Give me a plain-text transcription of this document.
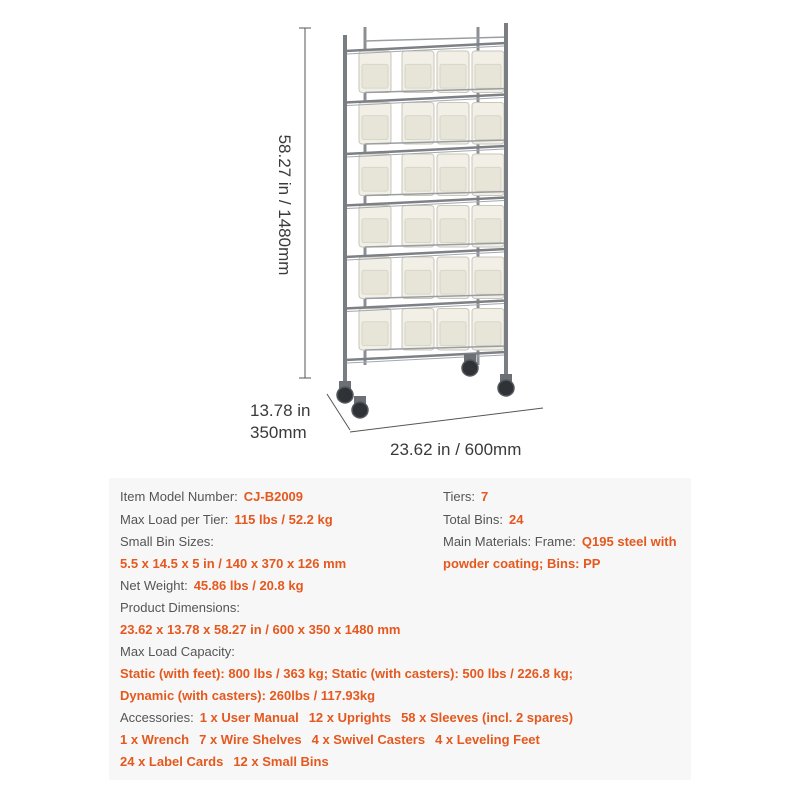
58.27 in / 1480mm
13.78 in
350mm
23.62 in / 600mm
Item Model Number: CJ-B2009
Max Load per Tier: 115 lbs / 52.2 kg
Small Bin Sizes:
5.5 x 14.5 x 5 in / 140 x 370 x 126 mm
Net Weight: 45.86 lbs / 20.8 kg
Product Dimensions:
23.62 x 13.78 x 58.27 in / 600 x 350 x 1480 mm
Max Load Capacity:
Static (with feet): 800 lbs / 363 kg; Static (with casters): 500 lbs / 226.8 kg;
Dynamic (with casters): 260lbs / 117.93kg
Accessories: 1 x User Manual 12 x Uprights 58 x Sleeves (incl. 2 spares)
1 x Wrench 7 x Wire Shelves 4 x Swivel Casters 4 x Leveling Feet
24 x Label Cards 12 x Small Bins
Tiers: 7
Total Bins: 24
Main Materials: Frame: Q195 steel with
powder coating; Bins: PP
